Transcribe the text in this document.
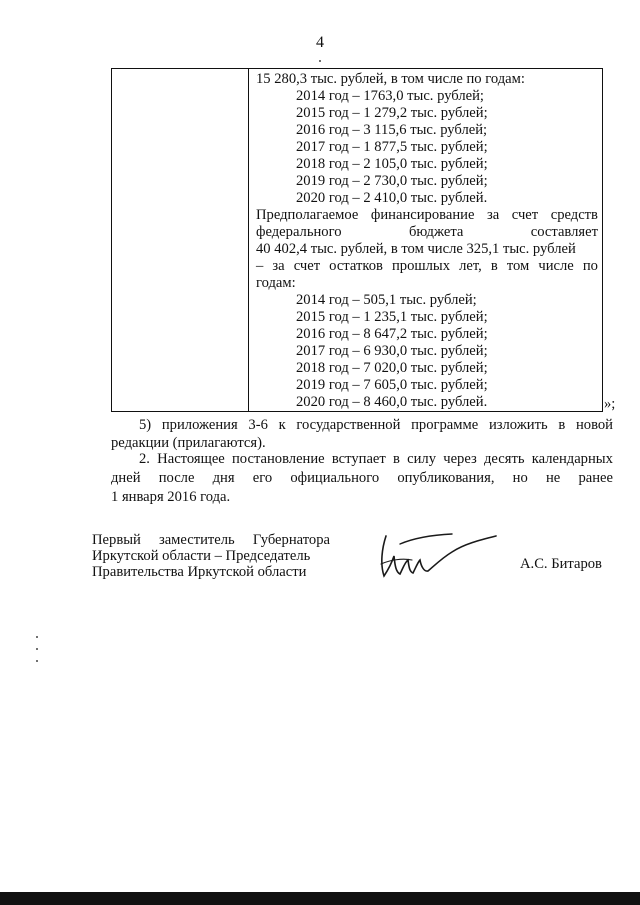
4
15 280,3 тыс. рублей, в том числе по годам:
2014 год – 1763,0 тыс. рублей;
2015 год – 1 279,2 тыс. рублей;
2016 год – 3 115,6 тыс. рублей;
2017 год – 1 877,5 тыс. рублей;
2018 год – 2 105,0 тыс. рублей;
2019 год – 2 730,0 тыс. рублей;
2020 год – 2 410,0 тыс. рублей.
Предполагаемое финансирование за счет средств
федерального	бюджета	составляет
40 402,4 тыс. рублей, в том числе 325,1 тыс. рублей
– за счет остатков прошлых лет, в том числе по
годам:
2014 год – 505,1 тыс. рублей;
2015 год – 1 235,1 тыс. рублей;
2016 год – 8 647,2 тыс. рублей;
2017 год – 6 930,0 тыс. рублей;
2018 год – 7 020,0 тыс. рублей;
2019 год – 7 605,0 тыс. рублей;
2020 год – 8 460,0 тыс. рублей.	»;
5) приложения 3-6 к государственной программе изложить в новой
редакции (прилагаются).
2. Настоящее постановление вступает в силу через десять календарных
дней после дня его официального опубликования, но не ранее
1 января 2016 года.
Первый заместитель Губернатора
Иркутской области – Председатель
Правительства Иркутской области	А.С. Битаров
